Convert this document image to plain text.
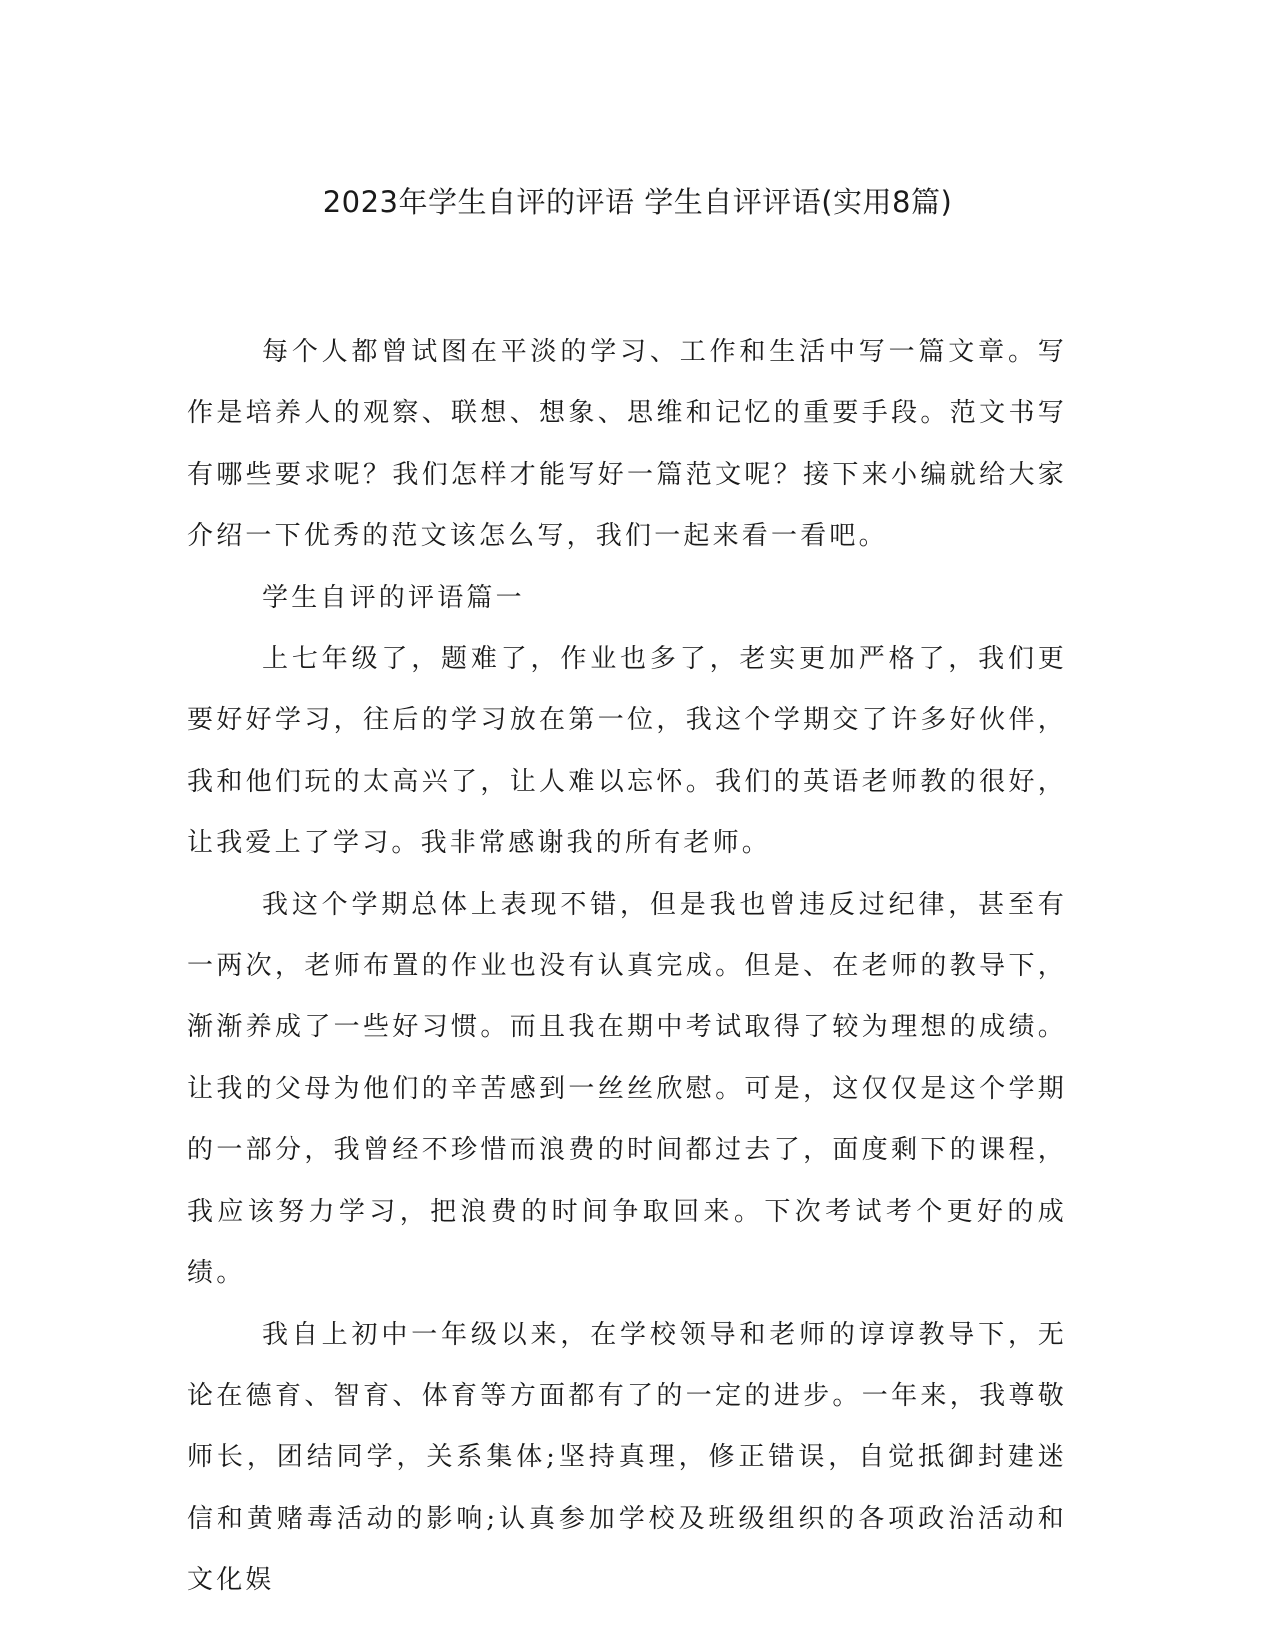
2023年学生自评的评语 学生自评评语(实用8篇)

每个人都曾试图在平淡的学习、工作和生活中写一篇文章。写作是培养人的观察、联想、想象、思维和记忆的重要手段。范文书写有哪些要求呢？我们怎样才能写好一篇范文呢？接下来小编就给大家介绍一下优秀的范文该怎么写，我们一起来看一看吧。

学生自评的评语篇一

上七年级了，题难了，作业也多了，老实更加严格了，我们更要好好学习，往后的学习放在第一位，我这个学期交了许多好伙伴，我和他们玩的太高兴了，让人难以忘怀。我们的英语老师教的很好，让我爱上了学习。我非常感谢我的所有老师。

我这个学期总体上表现不错，但是我也曾违反过纪律，甚至有一两次，老师布置的作业也没有认真完成。但是、在老师的教导下，渐渐养成了一些好习惯。而且我在期中考试取得了较为理想的成绩。让我的父母为他们的辛苦感到一丝丝欣慰。可是，这仅仅是这个学期的一部分，我曾经不珍惜而浪费的时间都过去了，面度剩下的课程，我应该努力学习，把浪费的时间争取回来。下次考试考个更好的成绩。

我自上初中一年级以来，在学校领导和老师的谆谆教导下，无论在德育、智育、体育等方面都有了的一定的进步。一年来，我尊敬师长，团结同学，关系集体;坚持真理，修正错误，自觉抵御封建迷信和黄赌毒活动的影响;认真参加学校及班级组织的各项政治活动和文化娱
